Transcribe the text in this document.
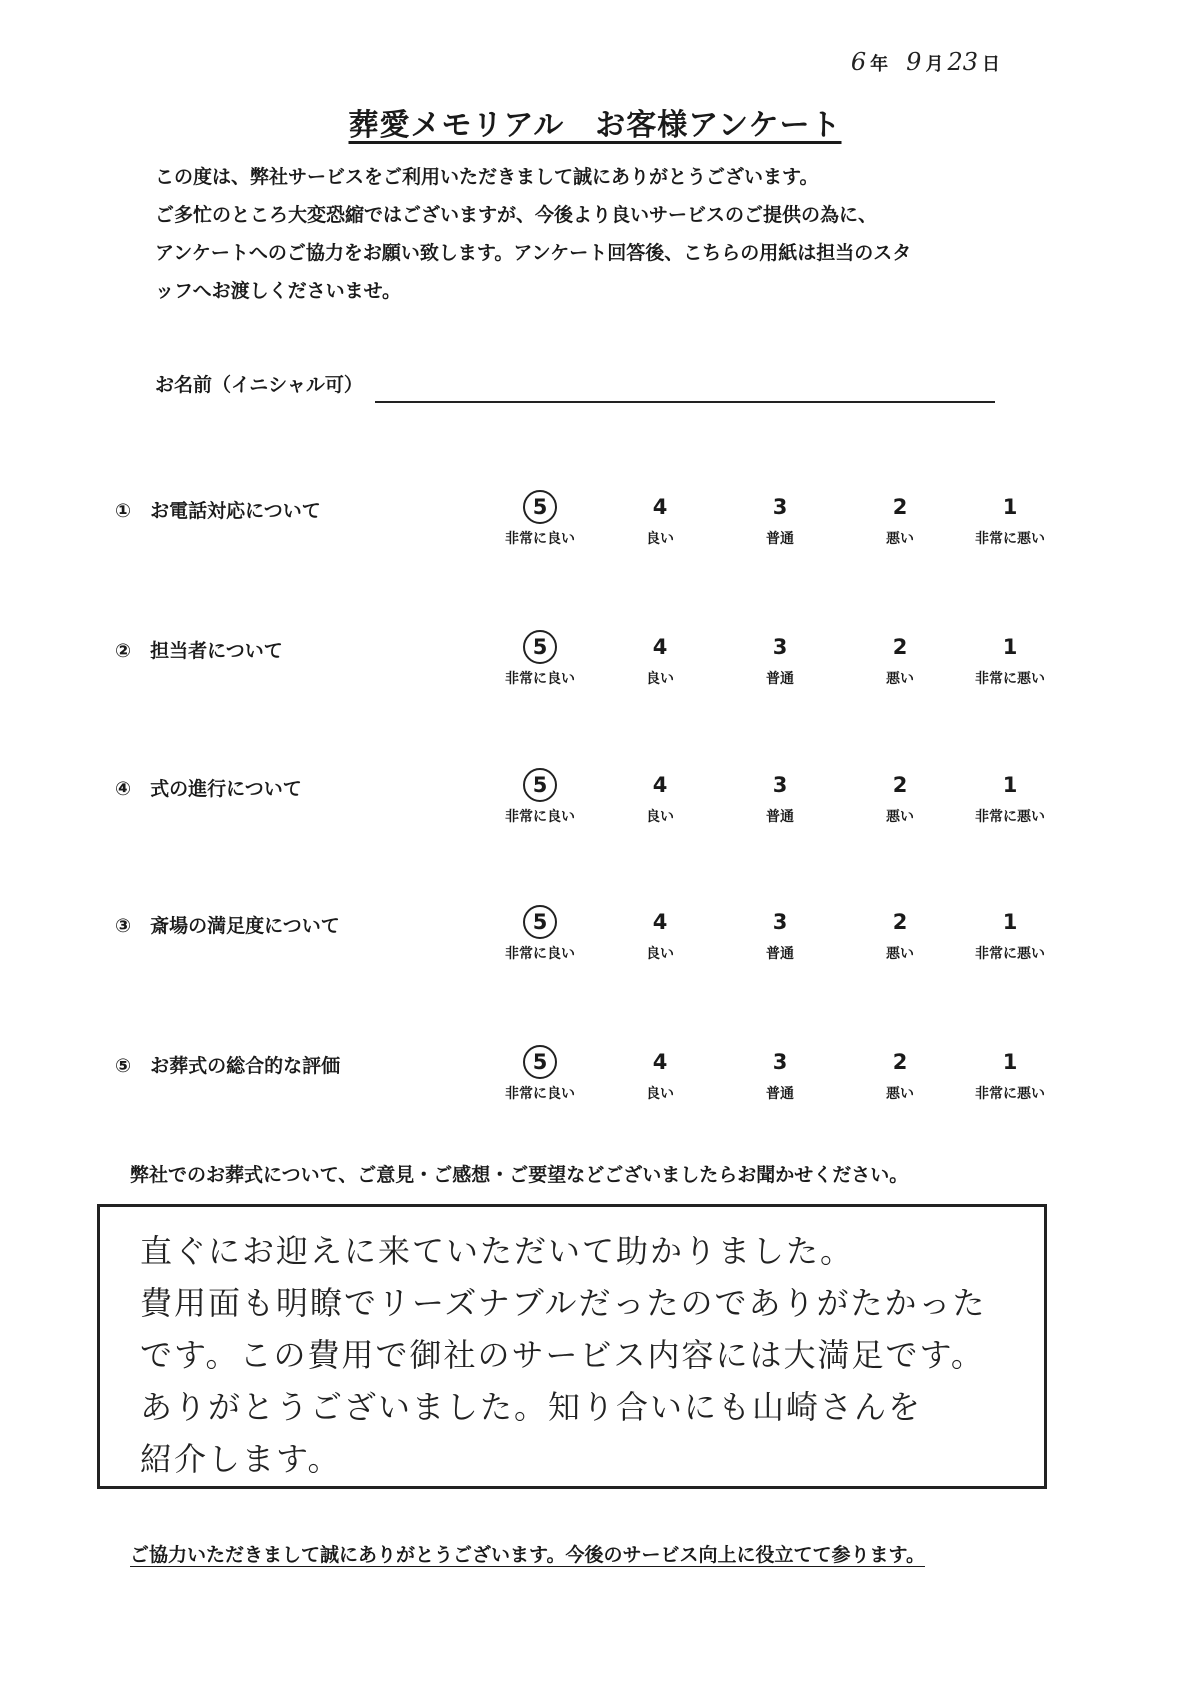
6 年 9 月 23 日
葬愛メモリアル　お客様アンケート
この度は、弊社サービスをご利用いただきまして誠にありがとうございます。
ご多忙のところ大変恐縮ではございますが、今後より良いサービスのご提供の為に、
アンケートへのご協力をお願い致します。アンケート回答後、こちらの用紙は担当のスタ
ッフへお渡しくださいませ。
お名前（イニシャル可）
①　お電話対応について	5
非常に良い
4
良い
3
普通
2
悪い
1
非常に悪い
②　担当者について	5
非常に良い
4
良い
3
普通
2
悪い
1
非常に悪い
④　式の進行について	5
非常に良い
4
良い
3
普通
2
悪い
1
非常に悪い
③　斎場の満足度について	5
非常に良い
4
良い
3
普通
2
悪い
1
非常に悪い
⑤　お葬式の総合的な評価	5
非常に良い
4
良い
3
普通
2
悪い
1
非常に悪い
弊社でのお葬式について、ご意見・ご感想・ご要望などございましたらお聞かせください。
直ぐにお迎えに来ていただいて助かりました。
費用面も明瞭でリーズナブルだったのでありがたかった
です。この費用で御社のサービス内容には大満足です。
ありがとうございました。知り合いにも山崎さんを
紹介します。
ご協力いただきまして誠にありがとうございます。今後のサービス向上に役立てて参ります。
